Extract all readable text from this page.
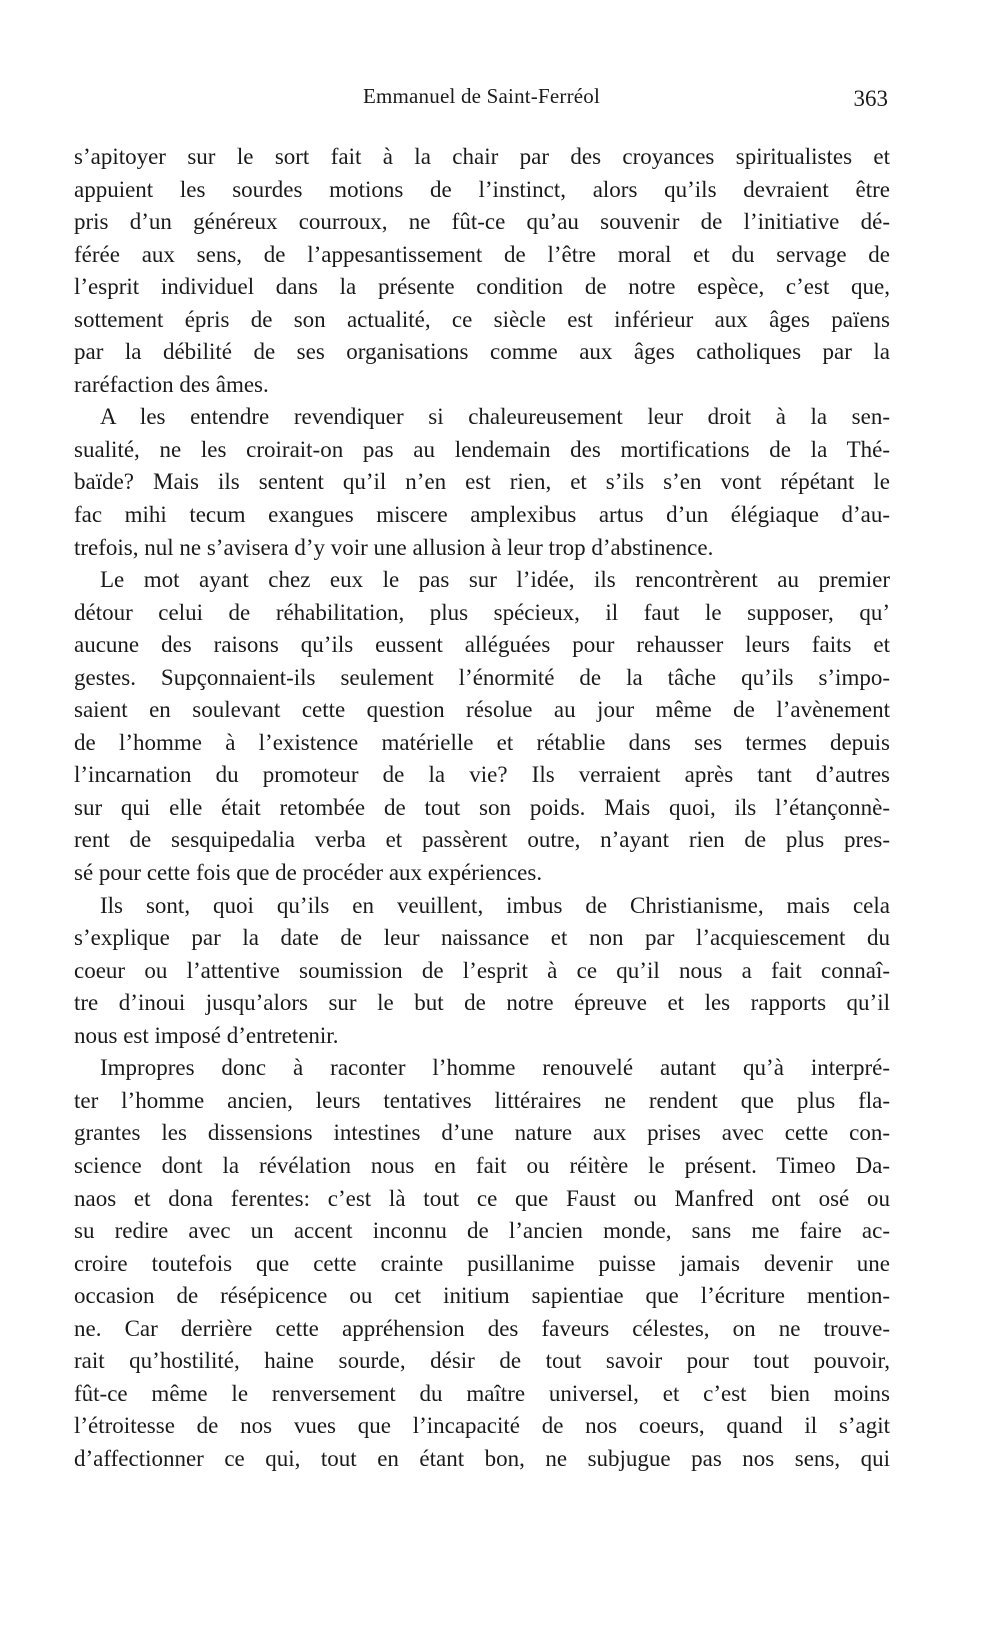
Emmanuel de Saint-Ferréol	363
s’apitoyer sur le sort fait à la chair par des croyances spiritualistes et
appuient les sourdes motions de l’instinct, alors qu’ils devraient être
pris d’un généreux courroux, ne fût-ce qu’au souvenir de l’initiative dé-
férée aux sens, de l’appesantissement de l’être moral et du servage de
l’esprit individuel dans la présente condition de notre espèce, c’est que,
sottement épris de son actualité, ce siècle est inférieur aux âges païens
par la débilité de ses organisations comme aux âges catholiques par la
raréfaction des âmes.
A les entendre revendiquer si chaleureusement leur droit à la sen-
sualité, ne les croirait-on pas au lendemain des mortifications de la Thé-
baïde? Mais ils sentent qu’il n’en est rien, et s’ils s’en vont répétant le
fac mihi tecum exangues miscere amplexibus artus d’un élégiaque d’au-
trefois, nul ne s’avisera d’y voir une allusion à leur trop d’abstinence.
Le mot ayant chez eux le pas sur l’idée, ils rencontrèrent au premier
détour celui de réhabilitation, plus spécieux, il faut le supposer, qu’
aucune des raisons qu’ils eussent alléguées pour rehausser leurs faits et
gestes. Supçonnaient-ils seulement l’énormité de la tâche qu’ils s’impo-
saient en soulevant cette question résolue au jour même de l’avènement
de l’homme à l’existence matérielle et rétablie dans ses termes depuis
l’incarnation du promoteur de la vie? Ils verraient après tant d’autres
sur qui elle était retombée de tout son poids. Mais quoi, ils l’étançonnè-
rent de sesquipedalia verba et passèrent outre, n’ayant rien de plus pres-
sé pour cette fois que de procéder aux expériences.
Ils sont, quoi qu’ils en veuillent, imbus de Christianisme, mais cela
s’explique par la date de leur naissance et non par l’acquiescement du
coeur ou l’attentive soumission de l’esprit à ce qu’il nous a fait connaî-
tre d’inoui jusqu’alors sur le but de notre épreuve et les rapports qu’il
nous est imposé d’entretenir.
Impropres donc à raconter l’homme renouvelé autant qu’à interpré-
ter l’homme ancien, leurs tentatives littéraires ne rendent que plus fla-
grantes les dissensions intestines d’une nature aux prises avec cette con-
science dont la révélation nous en fait ou réitère le présent. Timeo Da-
naos et dona ferentes: c’est là tout ce que Faust ou Manfred ont osé ou
su redire avec un accent inconnu de l’ancien monde, sans me faire ac-
croire toutefois que cette crainte pusillanime puisse jamais devenir une
occasion de résépicence ou cet initium sapientiae que l’écriture mention-
ne. Car derrière cette appréhension des faveurs célestes, on ne trouve-
rait qu’hostilité, haine sourde, désir de tout savoir pour tout pouvoir,
fût-ce même le renversement du maître universel, et c’est bien moins
l’étroitesse de nos vues que l’incapacité de nos coeurs, quand il s’agit
d’affectionner ce qui, tout en étant bon, ne subjugue pas nos sens, qui
